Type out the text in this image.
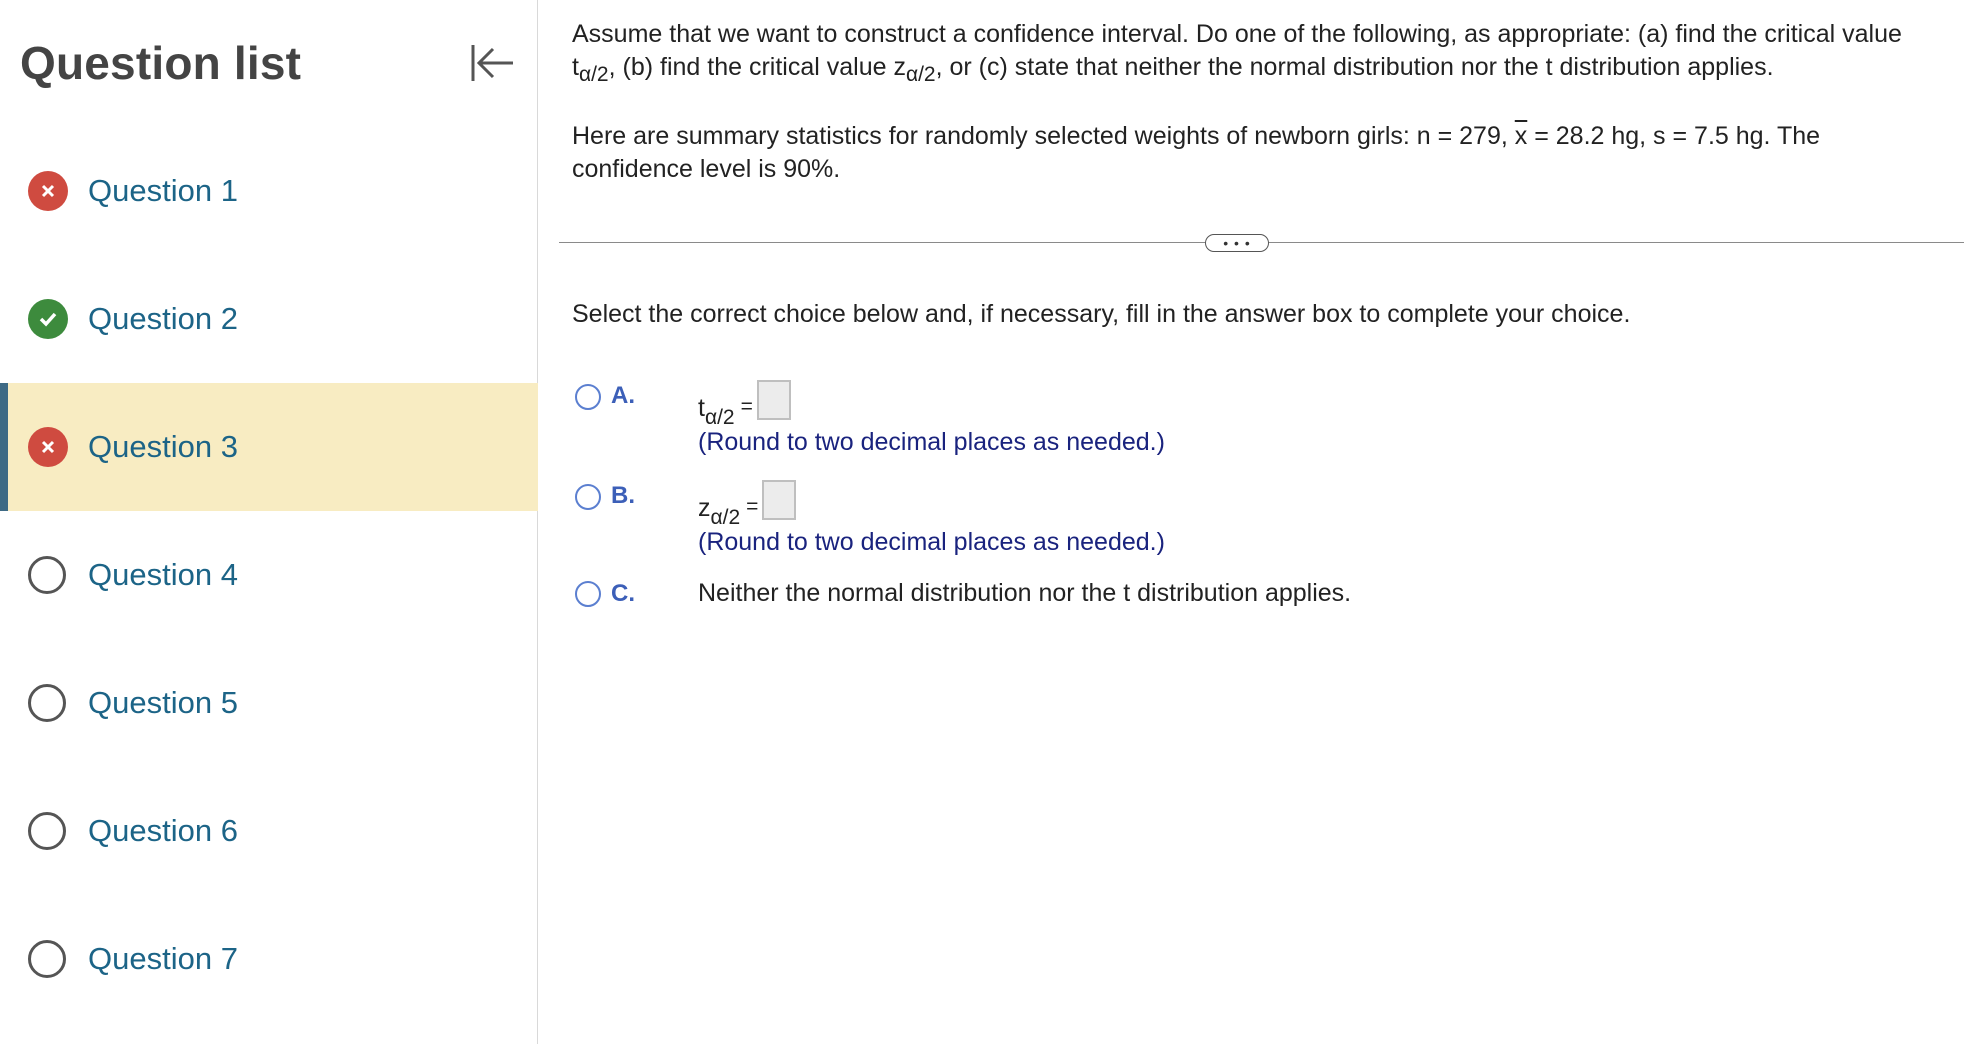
Question list
Question 1
Question 2
Question 3
Question 4
Question 5
Question 6
Question 7
Assume that we want to construct a confidence interval. Do one of the following, as appropriate: (a) find the critical value
$t_{\alpha/2}$, (b) find the critical value $z_{\alpha/2}$, or (c) state that neither the normal distribution nor the t distribution applies.
Here are summary statistics for randomly selected weights of newborn girls: n = 279, $\overline{x} = 28.2$ hg, s = 7.5 hg. The confidence level is 90%.
• • •
Select the correct choice below and, if necessary, fill in the answer box to complete your choice.
A.	$t_{\alpha/2}$ =
(Round to two decimal places as needed.)
B.	$z_{\alpha/2}$ =
(Round to two decimal places as needed.)
C.	Neither the normal distribution nor the t distribution applies.
